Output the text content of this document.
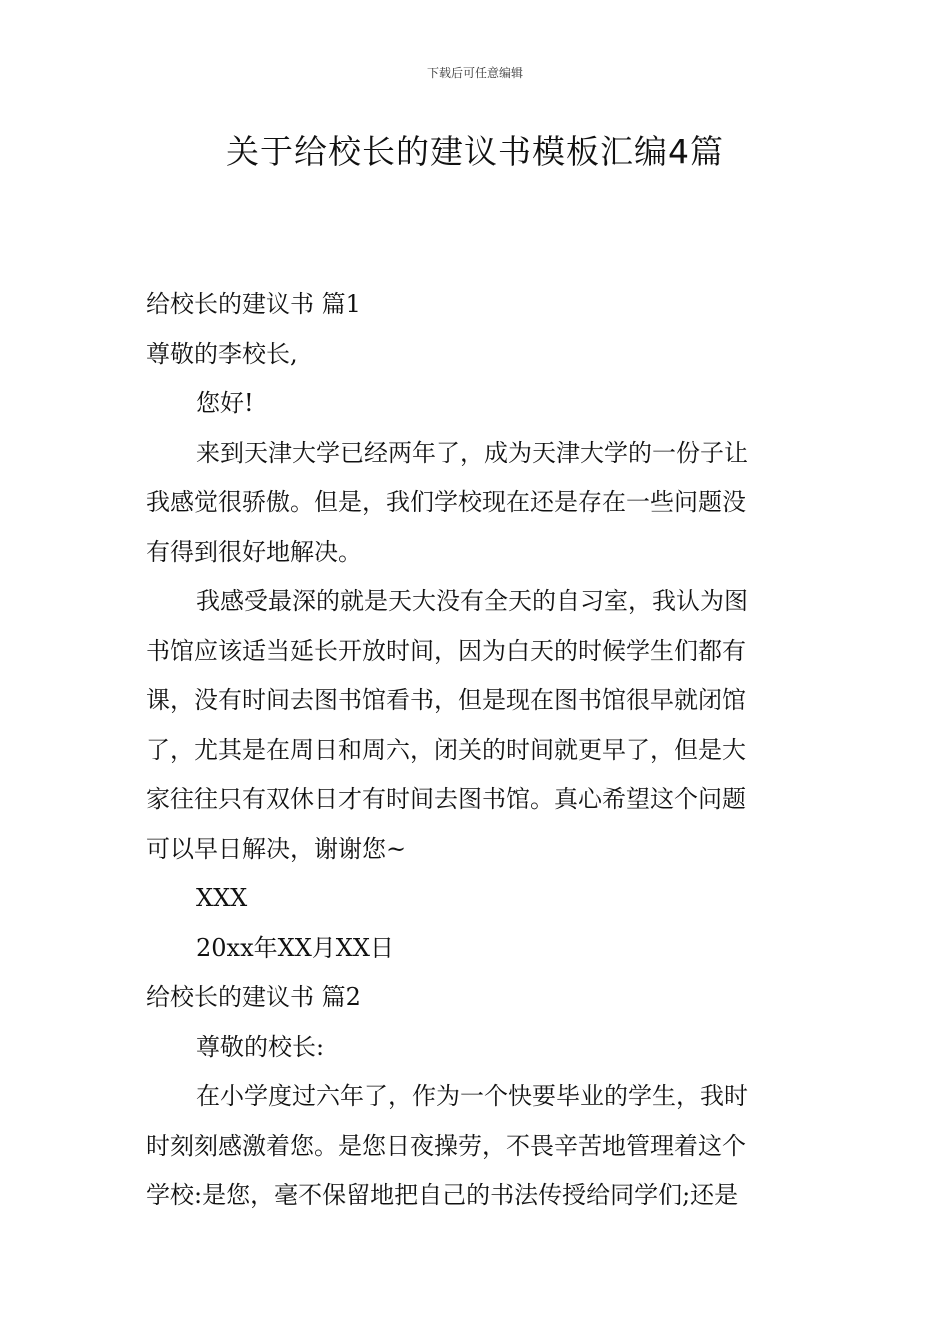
下载后可任意编辑
关于给校长的建议书模板汇编4篇
给校长的建议书 篇1
尊敬的李校长,
您好!
来到天津大学已经两年了，成为天津大学的一份子让
我感觉很骄傲。但是，我们学校现在还是存在一些问题没
有得到很好地解决。
我感受最深的就是天大没有全天的自习室，我认为图
书馆应该适当延长开放时间，因为白天的时候学生们都有
课，没有时间去图书馆看书，但是现在图书馆很早就闭馆
了，尤其是在周日和周六，闭关的时间就更早了，但是大
家往往只有双休日才有时间去图书馆。真心希望这个问题
可以早日解决，谢谢您~
XXX
20xx年XX月XX日
给校长的建议书 篇2
尊敬的校长:
在小学度过六年了，作为一个快要毕业的学生，我时
时刻刻感激着您。是您日夜操劳，不畏辛苦地管理着这个
学校:是您，毫不保留地把自己的书法传授给同学们;还是
